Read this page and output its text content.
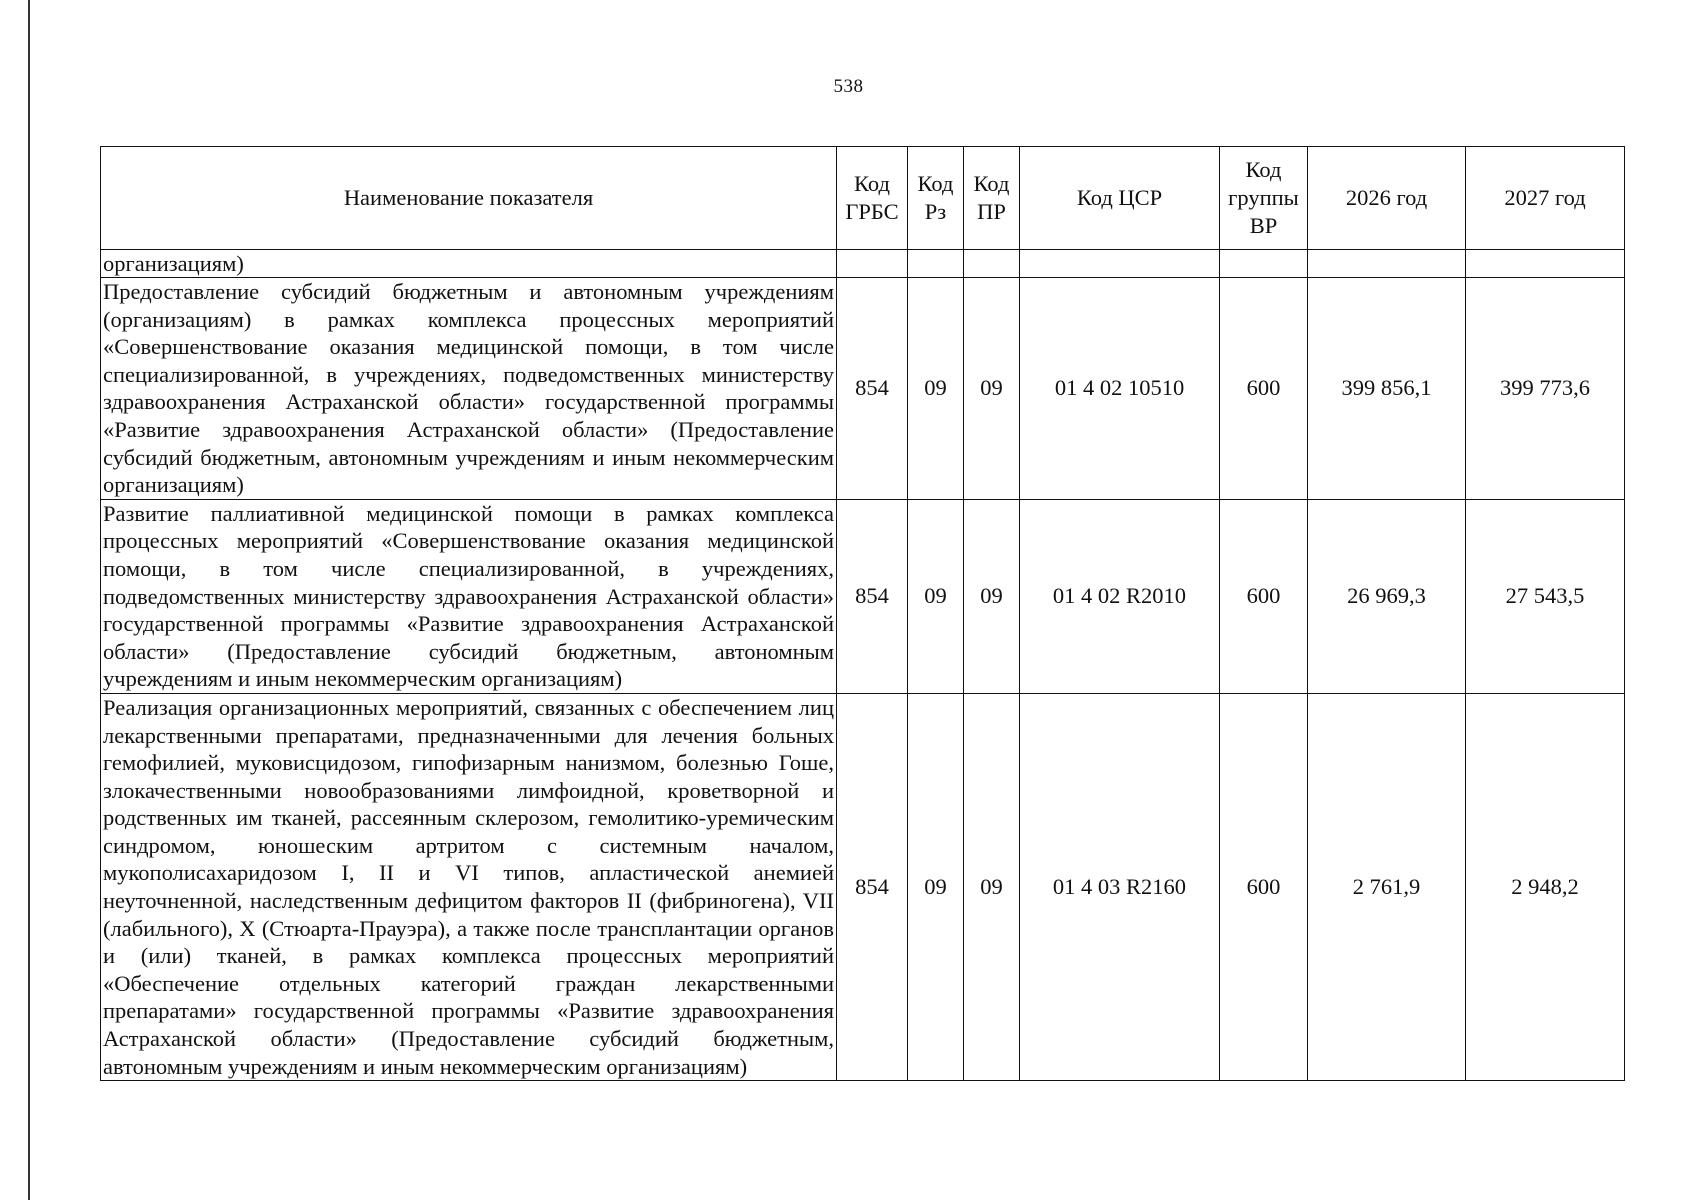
538
Наименование показателя	Код ГРБС	Код Рз	Код ПР	Код ЦСР	Код группы ВР	2026 год	2027 год
организациям)							
Предоставление субсидий бюджетным и автономным учреждениям (организациям) в рамках комплекса процессных мероприятий «Совершенствование оказания медицинской помощи, в том числе специализированной, в учреждениях, подведомственных министерству здравоохранения Астраханской области» государственной программы «Развитие здравоохранения Астраханской области» (Предоставление субсидий бюджетным, автономным учреждениям и иным некоммерческим организациям)	854	09	09	01 4 02 10510	600	399 856,1	399 773,6
Развитие паллиативной медицинской помощи в рамках комплекса процессных мероприятий «Совершенствование оказания медицинской помощи, в том числе специализированной, в учреждениях, подведомственных министерству здравоохранения Астраханской области» государственной программы «Развитие здравоохранения Астраханской области» (Предоставление субсидий бюджетным, автономным учреждениям и иным некоммерческим организациям)	854	09	09	01 4 02 R2010	600	26 969,3	27 543,5
Реализация организационных мероприятий, связанных с обеспечением лиц лекарственными препаратами, предназначенными для лечения больных гемофилией, муковисцидозом, гипофизарным нанизмом, болезнью Гоше, злокачественными новообразованиями лимфоидной, кроветворной и родственных им тканей, рассеянным склерозом, гемолитико-уремическим синдромом, юношеским артритом с системным началом, мукополисахаридозом I, II и VI типов, апластической анемией неуточненной, наследственным дефицитом факторов II (фибриногена), VII (лабильного), X (Стюарта-Прауэра), а также после трансплантации органов и (или) тканей, в рамках комплекса процессных мероприятий «Обеспечение отдельных категорий граждан лекарственными препаратами» государственной программы «Развитие здравоохранения Астраханской области» (Предоставление субсидий бюджетным, автономным учреждениям и иным некоммерческим организациям)	854	09	09	01 4 03 R2160	600	2 761,9	2 948,2
